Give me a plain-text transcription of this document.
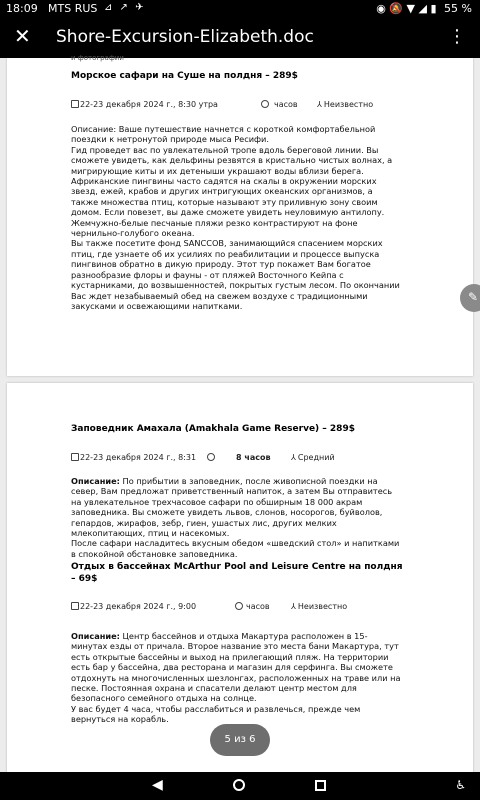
18:09 MTS RUS ⊿ ↗ ✈	◉ 🔕 ▼ ◢ ▮ 55 %
✕ Shore-Excursion-Elizabeth.doc	⋮
и фотографии
Морское сафари на Суше на полдня – 289$
22-23 декабря 2024 г., 8:30 утра	часов ⅄ Неизвестно
Описание: Ваше путешествие начнется с короткой комфортабельной поездки к нетронутой природе мыса Ресифи.
Гид проведет вас по увлекательной тропе вдоль береговой линии. Вы сможете увидеть, как дельфины резвятся в кристально чистых волнах, а мигрирующие киты и их детеныши украшают воды вблизи берега. Африканские пингвины часто садятся на скалы в окружении морских звезд, ежей, крабов и других интригующих океанских организмов, а также множества птиц, которые называют эту приливную зону своим домом. Если повезет, вы даже сможете увидеть неуловимую антилопу. Жемчужно-белые песчаные пляжи резко контрастируют на фоне чернильно-голубого океана.
Вы также посетите фонд SANCCOB, занимающийся спасением морских птиц, где узнаете об их усилиях по реабилитации и процессе выпуска пингвинов обратно в дикую природу. Этот тур покажет Вам богатое разнообразие флоры и фауны - от пляжей Восточного Кейпа с кустарниками, до возвышенностей, покрытых густым лесом. По окончании Вас ждет незабываемый обед на свежем воздухе с традиционными закусками и освежающими напитками.
✎
Заповедник Амахала (Amakhala Game Reserve) – 289$
22-23 декабря 2024 г., 8:31	8 часов	⅄ Средний
Описание: По прибытии в заповедник, после живописной поездки на север, Вам предложат приветственный напиток, а затем Вы отправитесь на увлекательное трехчасовое сафари по обширным 18 000 акрам заповедника. Вы сможете увидеть львов, слонов, носорогов, буйволов, гепардов, жирафов, зебр, гиен, ушастых лис, других мелких млекопитающих, птиц и насекомых.
После сафари насладитесь вкусным обедом «шведский стол» и напитками в спокойной обстановке заповедника.
Отдых в бассейнах McArthur Pool and Leisure Centre на полдня
– 69$
22-23 декабря 2024 г., 9:00	часов	⅄ Неизвестно
Описание: Центр бассейнов и отдыха Макартура расположен в 15-минутах езды от причала. Второе название это места бани Макартура, тут есть открытые бассейны и выход на прилегающий пляж. На территории есть бар у бассейна, два ресторана и магазин для серфинга. Вы сможете отдохнуть на многочисленных шезлонгах, расположенных на траве или на песке. Постоянная охрана и спасатели делают центр местом для безопасного семейного отдыха на солнце.
У вас будет 4 часа, чтобы расслабиться и развлечься, прежде чем вернуться на корабль.
5 из 6
◀	♿
